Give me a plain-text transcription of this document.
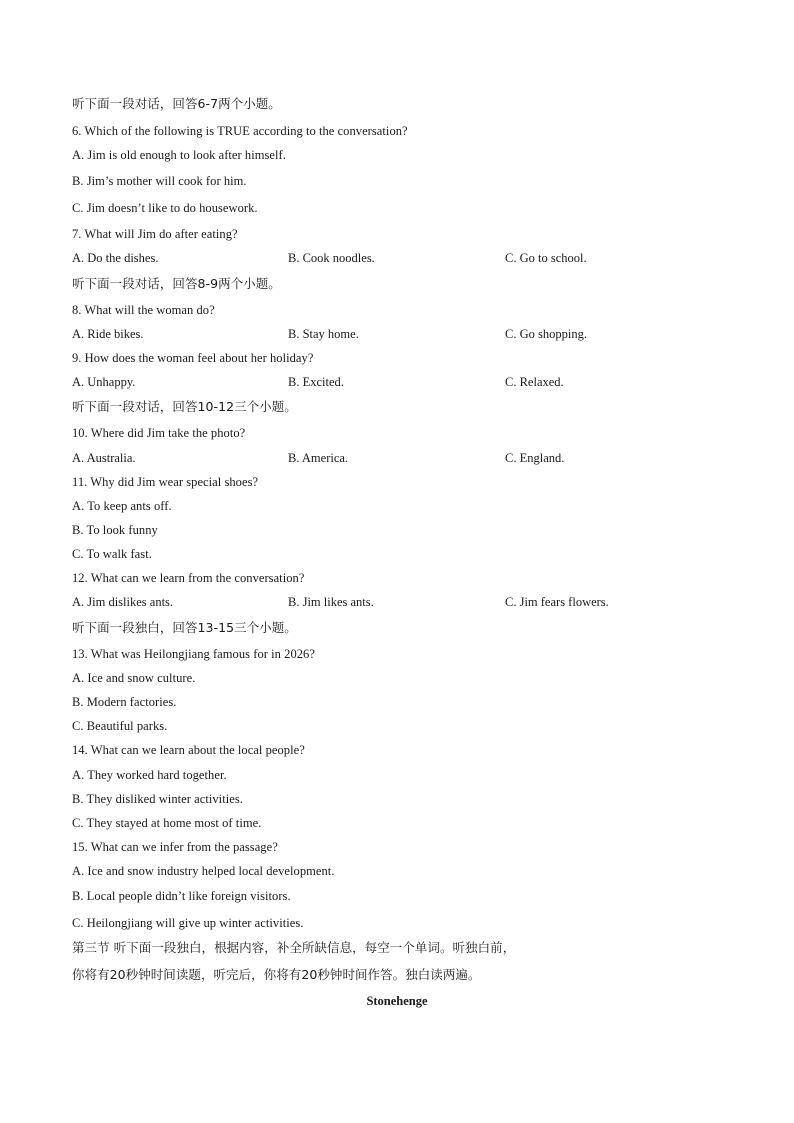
听下面一段对话，回答6-7两个小题。
6. Which of the following is TRUE according to the conversation?
A. Jim is old enough to look after himself.
B. Jim’s mother will cook for him.
C. Jim doesn’t like to do housework.
7. What will Jim do after eating?
A. Do the dishes.	B. Cook noodles.	C. Go to school.
听下面一段对话，回答8-9两个小题。
8. What will the woman do?
A. Ride bikes.	B. Stay home.	C. Go shopping.
9. How does the woman feel about her holiday?
A. Unhappy.	B. Excited.	C. Relaxed.
听下面一段对话，回答10-12三个小题。
10. Where did Jim take the photo?
A. Australia.	B. America.	C. England.
11. Why did Jim wear special shoes?
A. To keep ants off.
B. To look funny
C. To walk fast.
12. What can we learn from the conversation?
A. Jim dislikes ants.	B. Jim likes ants.	C. Jim fears flowers.
听下面一段独白，回答13-15三个小题。
13. What was Heilongjiang famous for in 2026?
A. Ice and snow culture.
B. Modern factories.
C. Beautiful parks.
14. What can we learn about the local people?
A. They worked hard together.
B. They disliked winter activities.
C. They stayed at home most of time.
15. What can we infer from the passage?
A. Ice and snow industry helped local development.
B. Local people didn’t like foreign visitors.
C. Heilongjiang will give up winter activities.
第三节 听下面一段独白，根据内容，补全所缺信息，每空一个单词。听独白前，
你将有20秒钟时间读题，听完后，你将有20秒钟时间作答。独白读两遍。
Stonehenge
